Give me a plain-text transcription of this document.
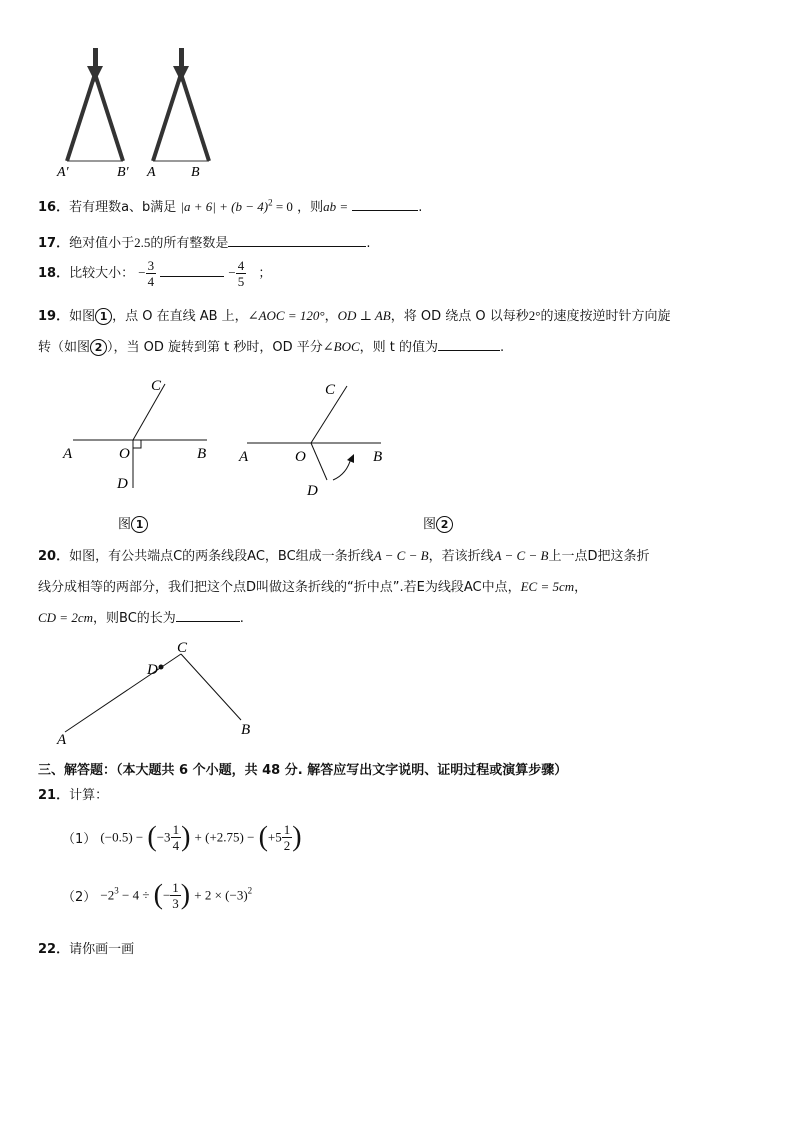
A′	B′ A	B
16．若有理数a、b满足 $|a + 6| + (b - 4)^2 = 0$ ，则ab =	.
17．绝对值小于2.5的所有整数是	.
18．比较大小： − $\frac{3}{4}$	− $\frac{4}{5}$ ；
19．如图 1 ，点 O 在直线 AB 上，∠AOC = 120°，OD ⊥ AB，将 OD 绕点 O 以每秒2°的速度按逆时针方向旋
转（如图 2 ），当 OD 旋转到第 t 秒时，OD 平分∠BOC，则 t 的值为	.
A	B
C
O
D
图 1
A	B
C
O
D
图 2
20．如图，有公共端点C的两条线段AC，BC组成一条折线A − C − B，若该折线A − C − B上一点D把这条折
线分成相等的两部分，我们把这个点D叫做这条折线的“折中点”.若E为线段AC中点，EC = 5cm，
CD = 2cm，则BC的长为	.
A
B
C
D
三、解答题：（本大题共 6 个小题，共 48 分. 解答应写出文字说明、证明过程或演算步骤）
21．计算：
（1） $(-0.5) - (-3 \frac{1}{4}$ ) + $(+2.75) - (+5 \frac{1}{2}$ )
$(2) -2^3 - 4$ ÷ (− $\frac{1}{3}$ ) + $2 \times (-3)^2$
22．请你画一画
